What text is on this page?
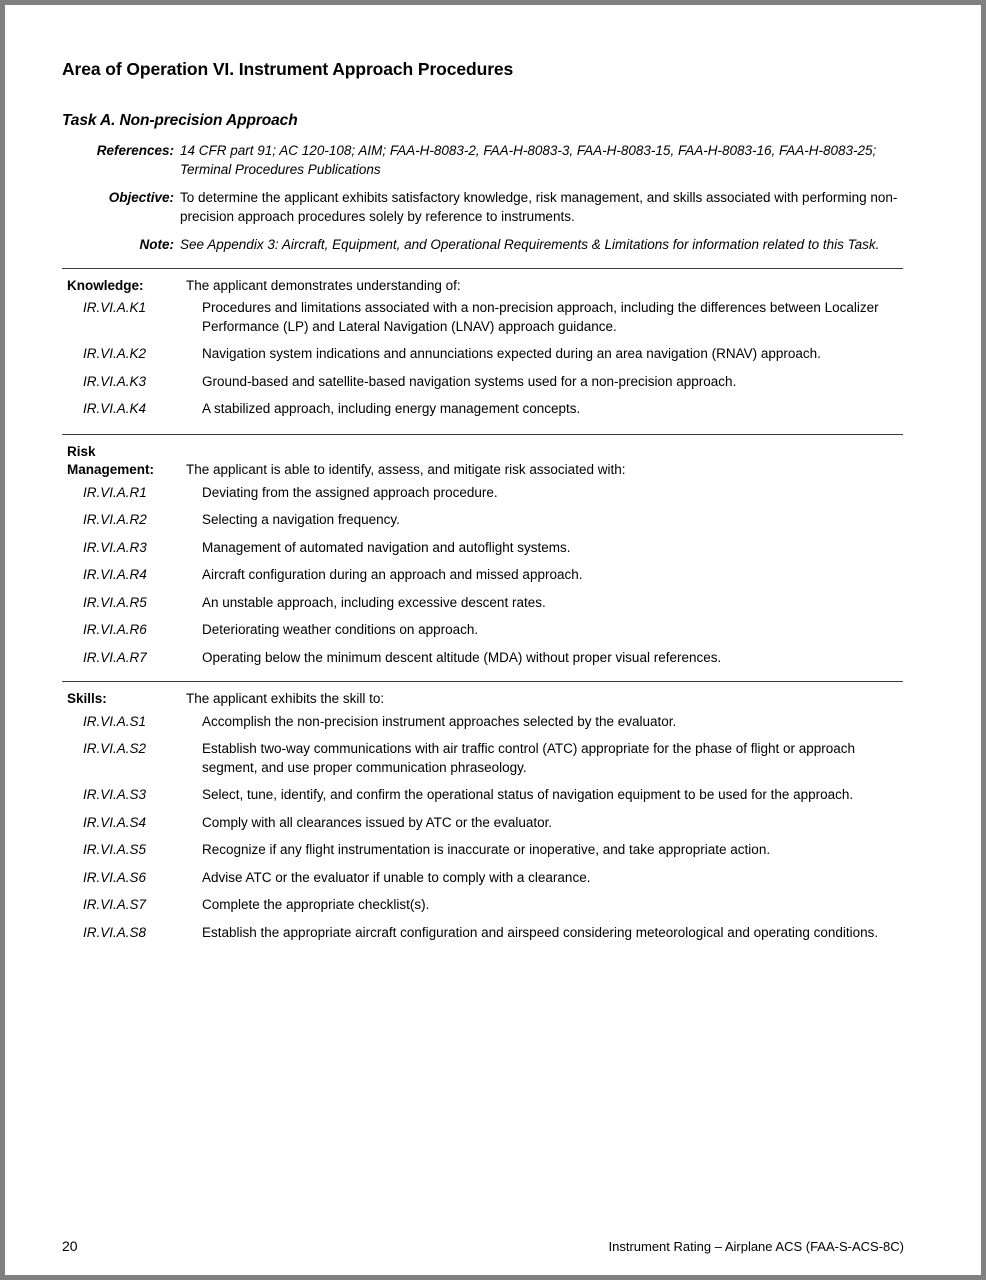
Area of Operation VI. Instrument Approach Procedures
Task A. Non-precision Approach
References: 14 CFR part 91; AC 120-108; AIM; FAA-H-8083-2, FAA-H-8083-3, FAA-H-8083-15, FAA-H-8083-16, FAA-H-8083-25; Terminal Procedures Publications
Objective: To determine the applicant exhibits satisfactory knowledge, risk management, and skills associated with performing non-precision approach procedures solely by reference to instruments.
Note: See Appendix 3: Aircraft, Equipment, and Operational Requirements & Limitations for information related to this Task.
Knowledge:	The applicant demonstrates understanding of:
IR.VI.A.K1	Procedures and limitations associated with a non-precision approach, including the differences between Localizer Performance (LP) and Lateral Navigation (LNAV) approach guidance.
IR.VI.A.K2	Navigation system indications and annunciations expected during an area navigation (RNAV) approach.
IR.VI.A.K3	Ground-based and satellite-based navigation systems used for a non-precision approach.
IR.VI.A.K4	A stabilized approach, including energy management concepts.
Risk
Management:	The applicant is able to identify, assess, and mitigate risk associated with:
IR.VI.A.R1	Deviating from the assigned approach procedure.
IR.VI.A.R2	Selecting a navigation frequency.
IR.VI.A.R3	Management of automated navigation and autoflight systems.
IR.VI.A.R4	Aircraft configuration during an approach and missed approach.
IR.VI.A.R5	An unstable approach, including excessive descent rates.
IR.VI.A.R6	Deteriorating weather conditions on approach.
IR.VI.A.R7	Operating below the minimum descent altitude (MDA) without proper visual references.
Skills:	The applicant exhibits the skill to:
IR.VI.A.S1	Accomplish the non-precision instrument approaches selected by the evaluator.
IR.VI.A.S2	Establish two-way communications with air traffic control (ATC) appropriate for the phase of flight or approach segment, and use proper communication phraseology.
IR.VI.A.S3	Select, tune, identify, and confirm the operational status of navigation equipment to be used for the approach.
IR.VI.A.S4	Comply with all clearances issued by ATC or the evaluator.
IR.VI.A.S5	Recognize if any flight instrumentation is inaccurate or inoperative, and take appropriate action.
IR.VI.A.S6	Advise ATC or the evaluator if unable to comply with a clearance.
IR.VI.A.S7	Complete the appropriate checklist(s).
IR.VI.A.S8	Establish the appropriate aircraft configuration and airspeed considering meteorological and operating conditions.
20	Instrument Rating – Airplane ACS (FAA-S-ACS-8C)
